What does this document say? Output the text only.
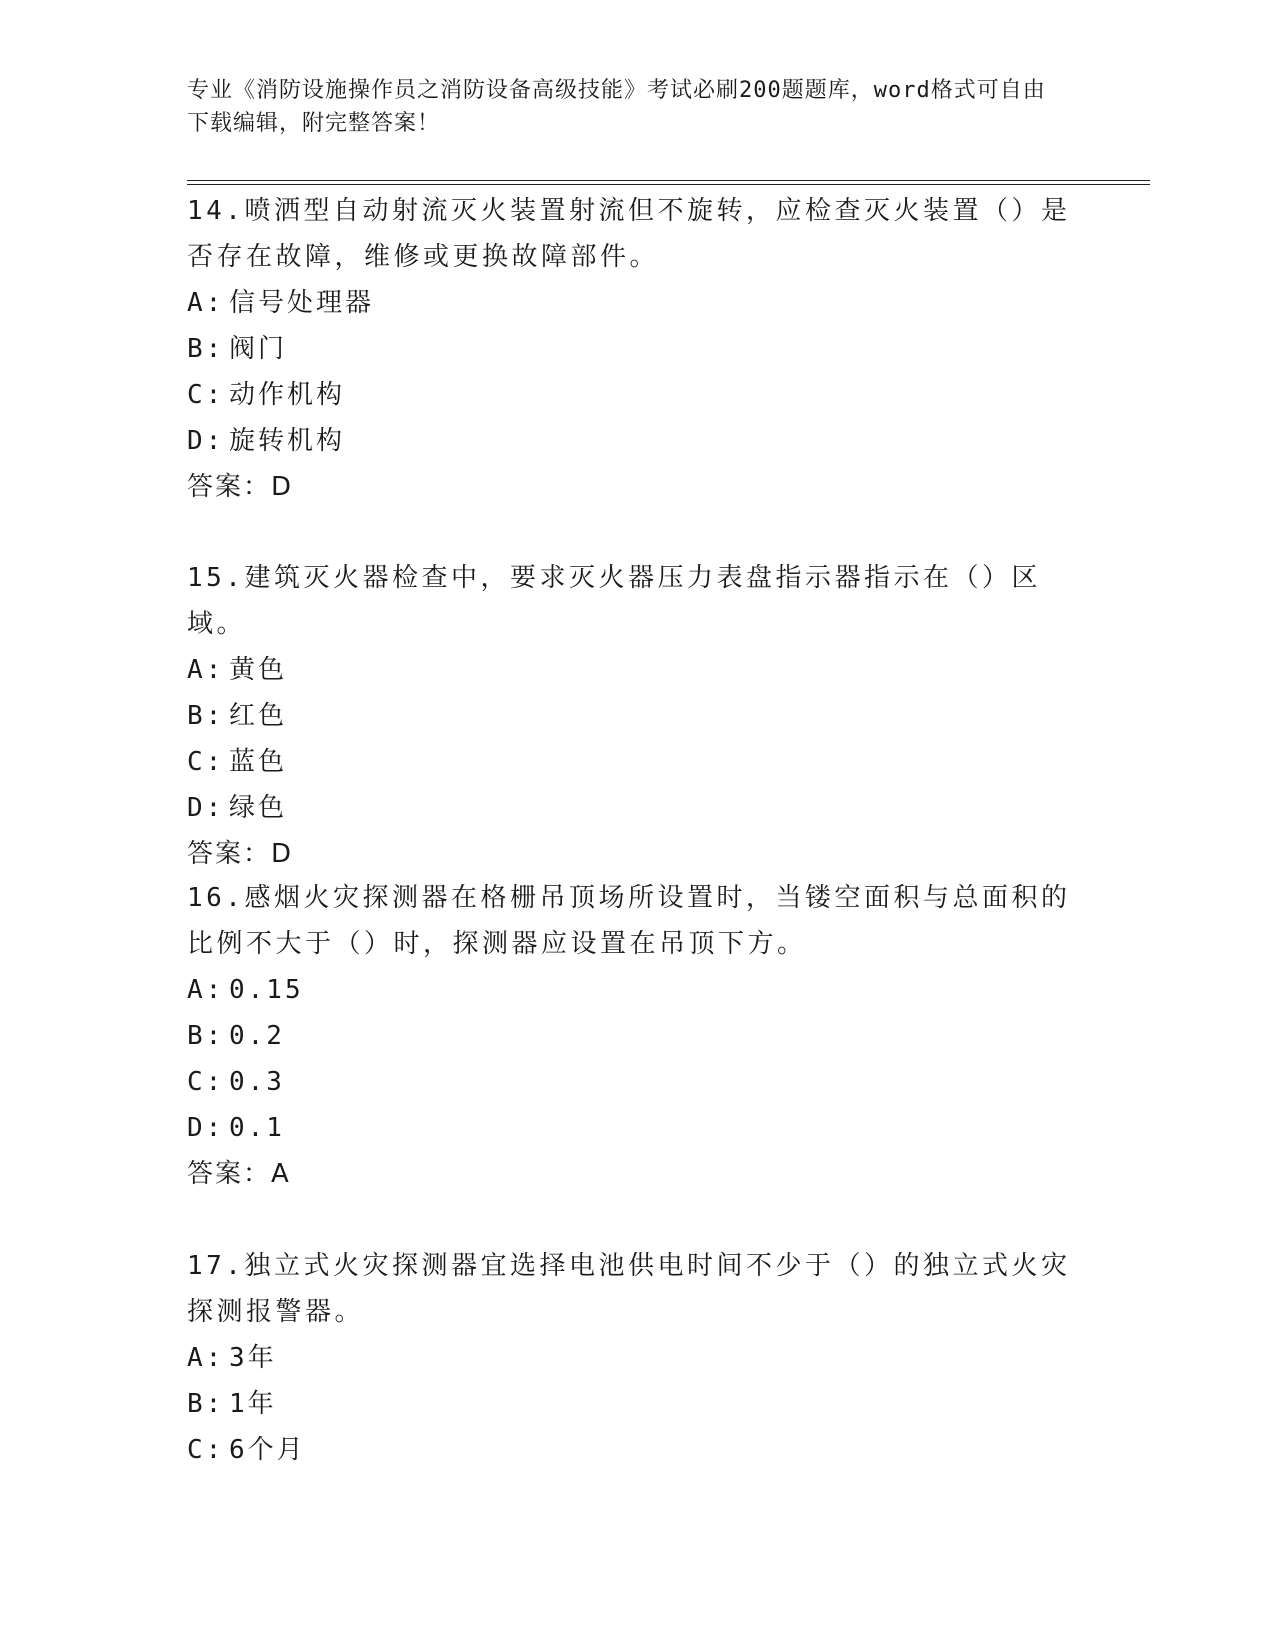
专业《消防设施操作员之消防设备高级技能》考试必刷200题题库，word格式可自由下载编辑，附完整答案！
14.喷洒型自动射流灭火装置射流但不旋转，应检查灭火装置（）是否存在故障，维修或更换故障部件。
A: 信号处理器
B: 阀门
C: 动作机构
D: 旋转机构
答案：D
15.建筑灭火器检查中，要求灭火器压力表盘指示器指示在（）区域。
A: 黄色
B: 红色
C: 蓝色
D: 绿色
答案：D
16.感烟火灾探测器在格栅吊顶场所设置时，当镂空面积与总面积的比例不大于（）时，探测器应设置在吊顶下方。
A: 0.15
B: 0.2
C: 0.3
D: 0.1
答案：A
17.独立式火灾探测器宜选择电池供电时间不少于（）的独立式火灾探测报警器。
A: 3年
B: 1年
C: 6个月
